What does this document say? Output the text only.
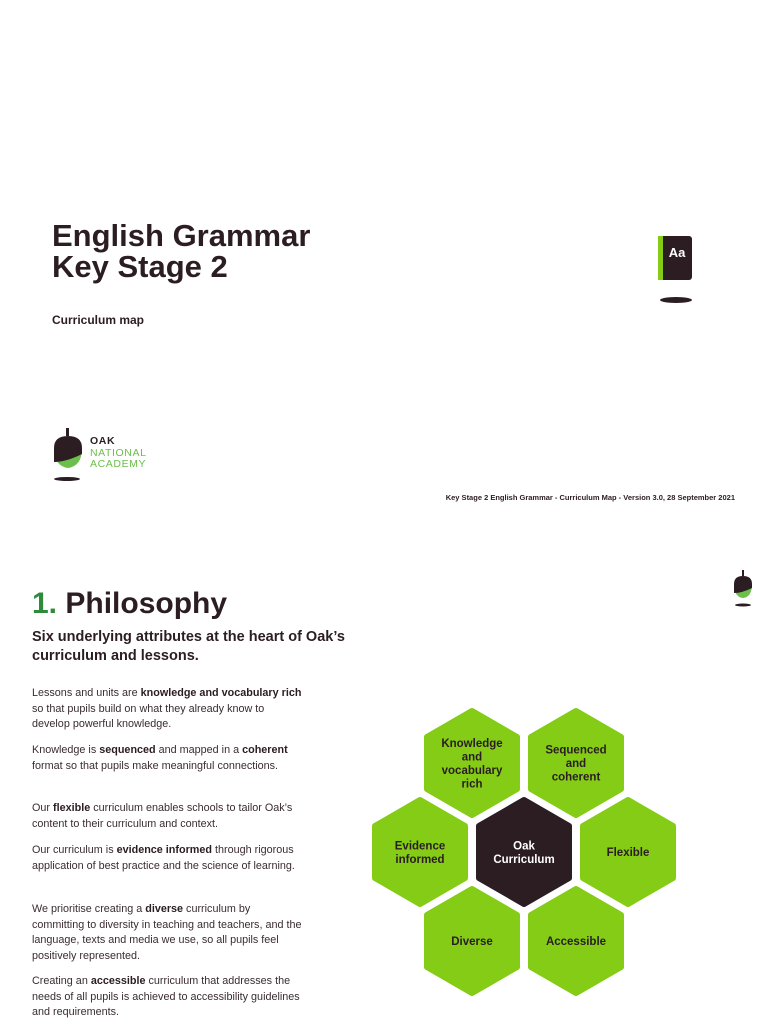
English Grammar
Key Stage 2
Curriculum map
Aa
OAK
NATIONAL
ACADEMY
Key Stage 2 English Grammar - Curriculum Map - Version 3.0, 28 September 2021
1. Philosophy
Six underlying attributes at the heart of Oak’s curriculum and lessons.

Lessons and units are knowledge and vocabulary rich so that pupils build on what they already know to develop powerful knowledge.

Knowledge is sequenced and mapped in a coherent format so that pupils make meaningful connections.

Our flexible curriculum enables schools to tailor Oak’s content to their curriculum and context.

Our curriculum is evidence informed through rigorous application of best practice and the science of learning.

We prioritise creating a diverse curriculum by committing to diversity in teaching and teachers, and the language, texts and media we use, so all pupils feel positively represented.

Creating an accessible curriculum that addresses the needs of all pupils is achieved to accessibility guidelines and requirements.

Knowledge
and
vocabulary
rich
Sequenced
and
coherent
Evidence
informed
Oak
Curriculum
Flexible
Diverse	Accessible
